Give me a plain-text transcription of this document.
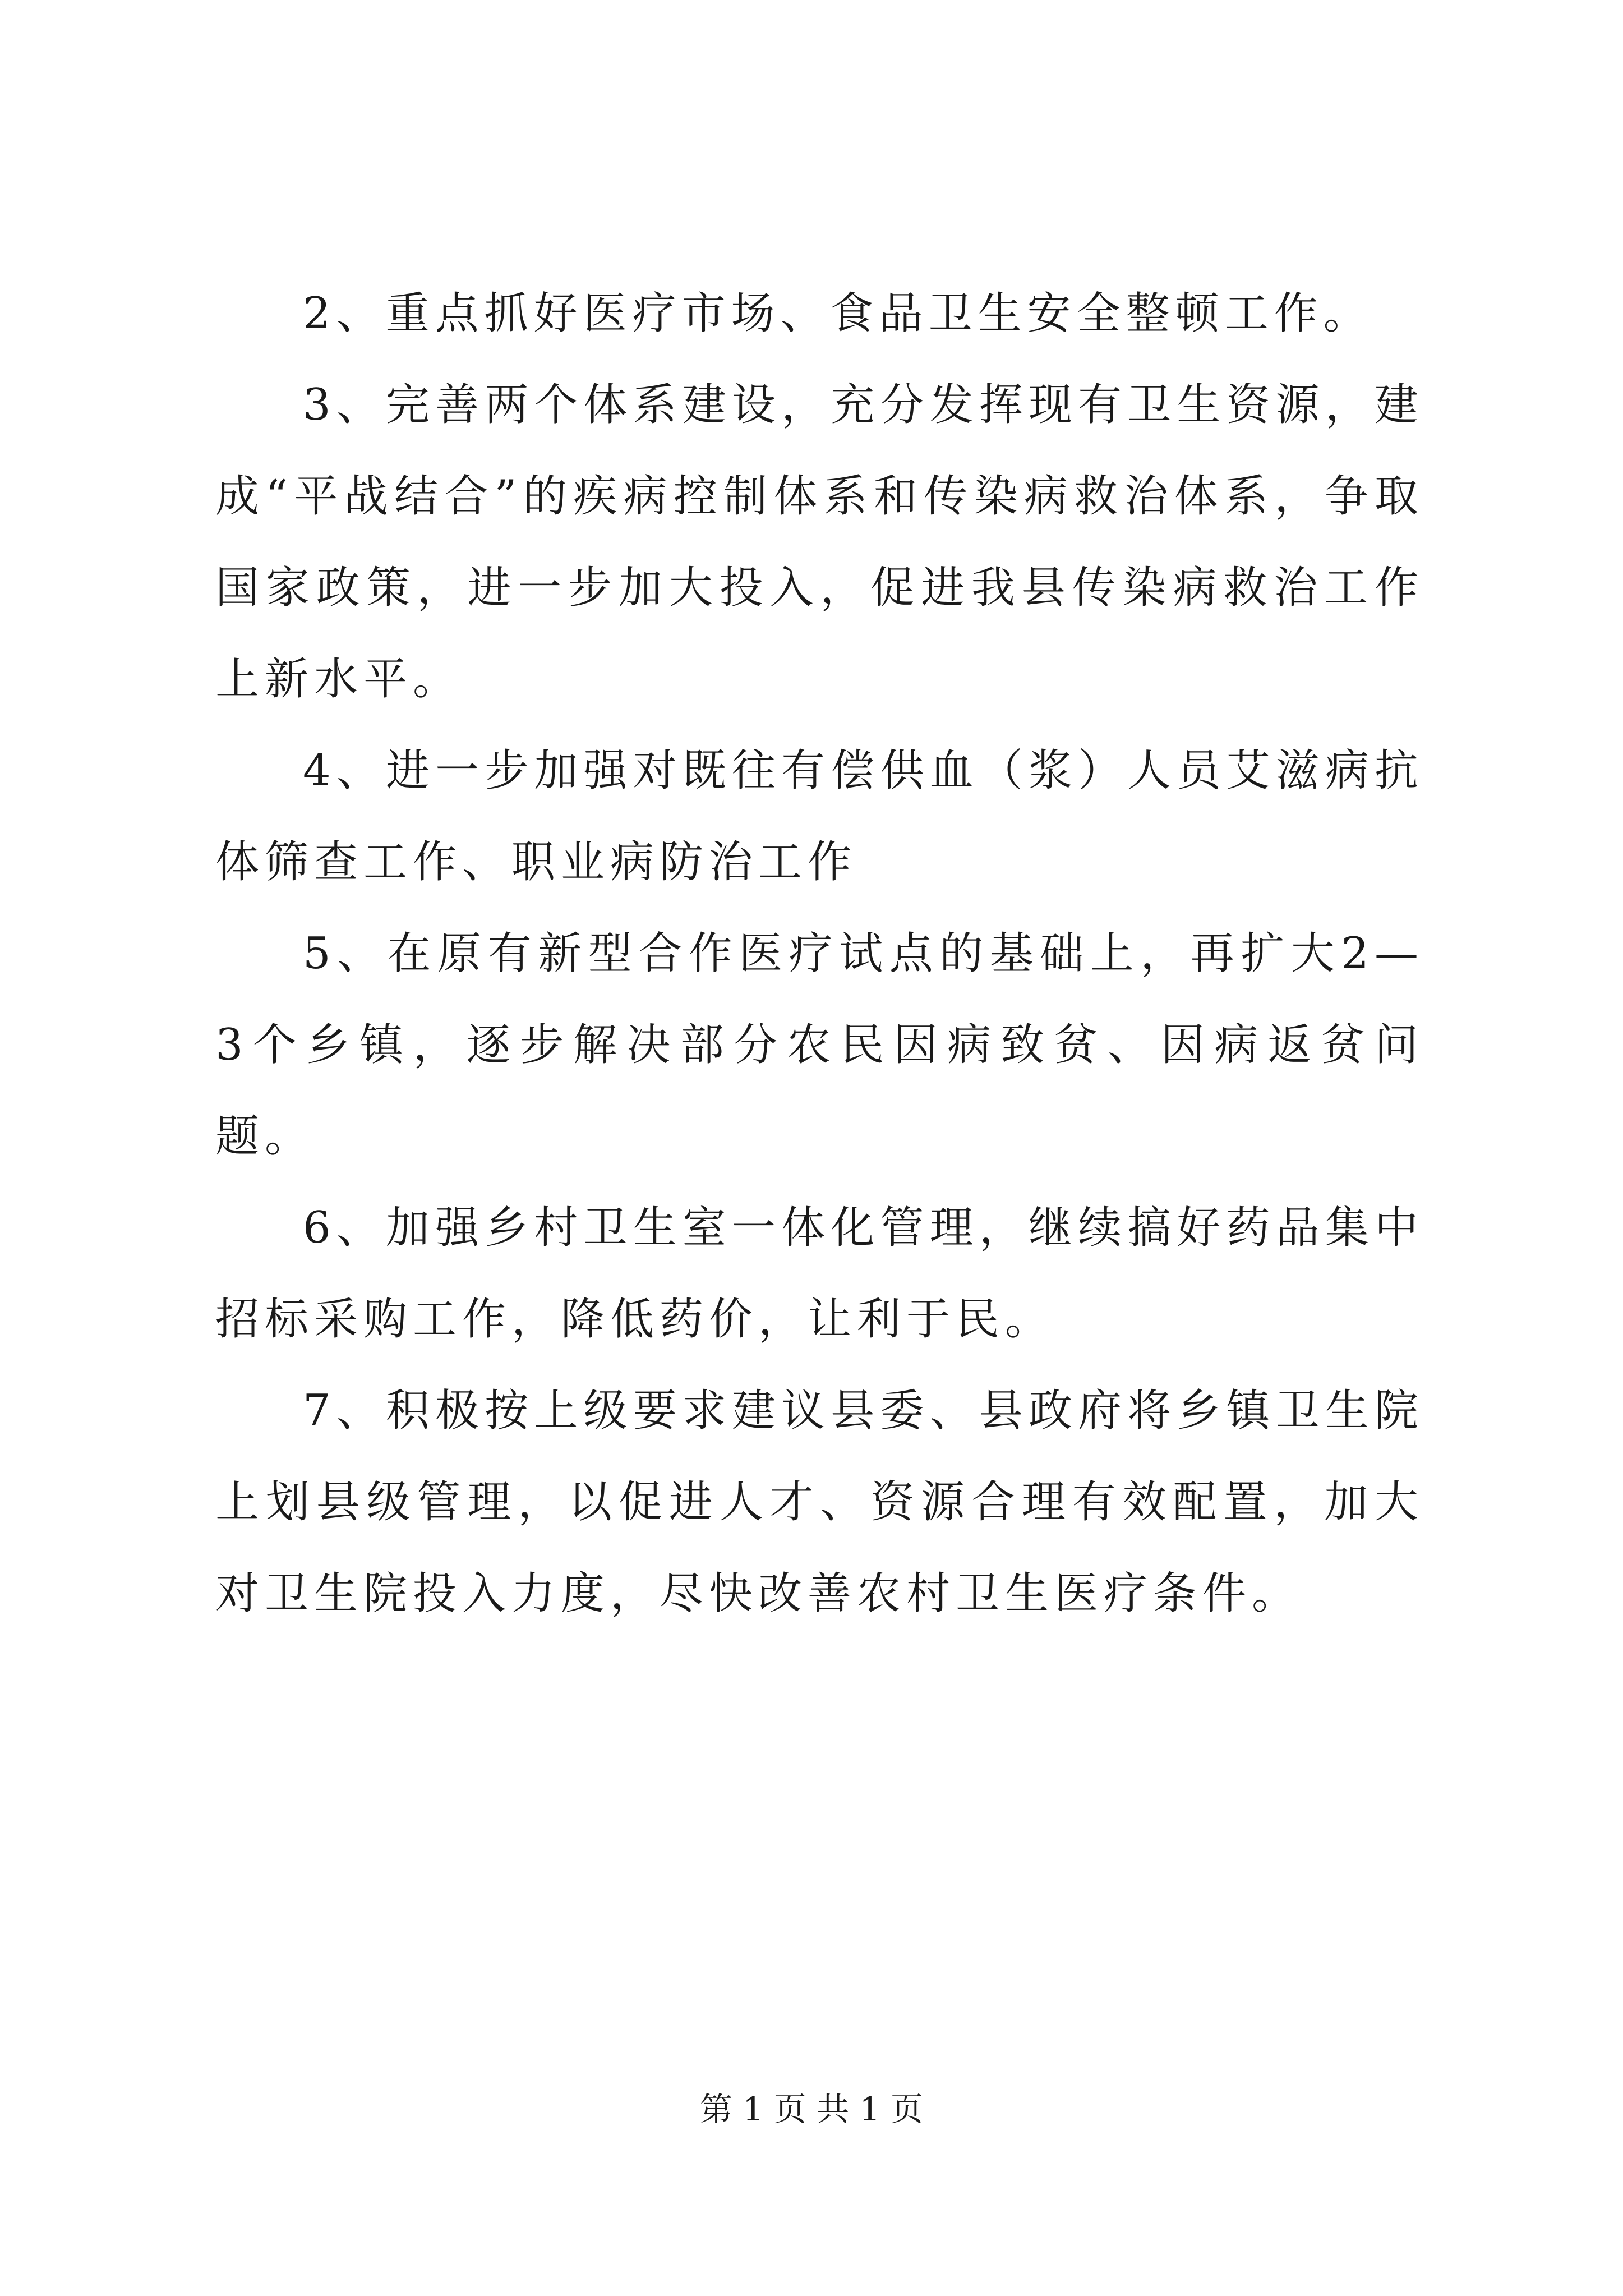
2、重点抓好医疗市场、食品卫生安全整顿工作。

3、完善两个体系建设，充分发挥现有卫生资源，建成“平战结合”的疾病控制体系和传染病救治体系，争取国家政策，进一步加大投入，促进我县传染病救治工作上新水平。

4、进一步加强对既往有偿供血（浆）人员艾滋病抗体筛查工作、职业病防治工作

5、在原有新型合作医疗试点的基础上，再扩大2—3个乡镇，逐步解决部分农民因病致贫、因病返贫问题。

6、加强乡村卫生室一体化管理，继续搞好药品集中招标采购工作，降低药价，让利于民。

7、积极按上级要求建议县委、县政府将乡镇卫生院上划县级管理，以促进人才、资源合理有效配置，加大对卫生院投入力度，尽快改善农村卫生医疗条件。

第 1 页 共 1 页
